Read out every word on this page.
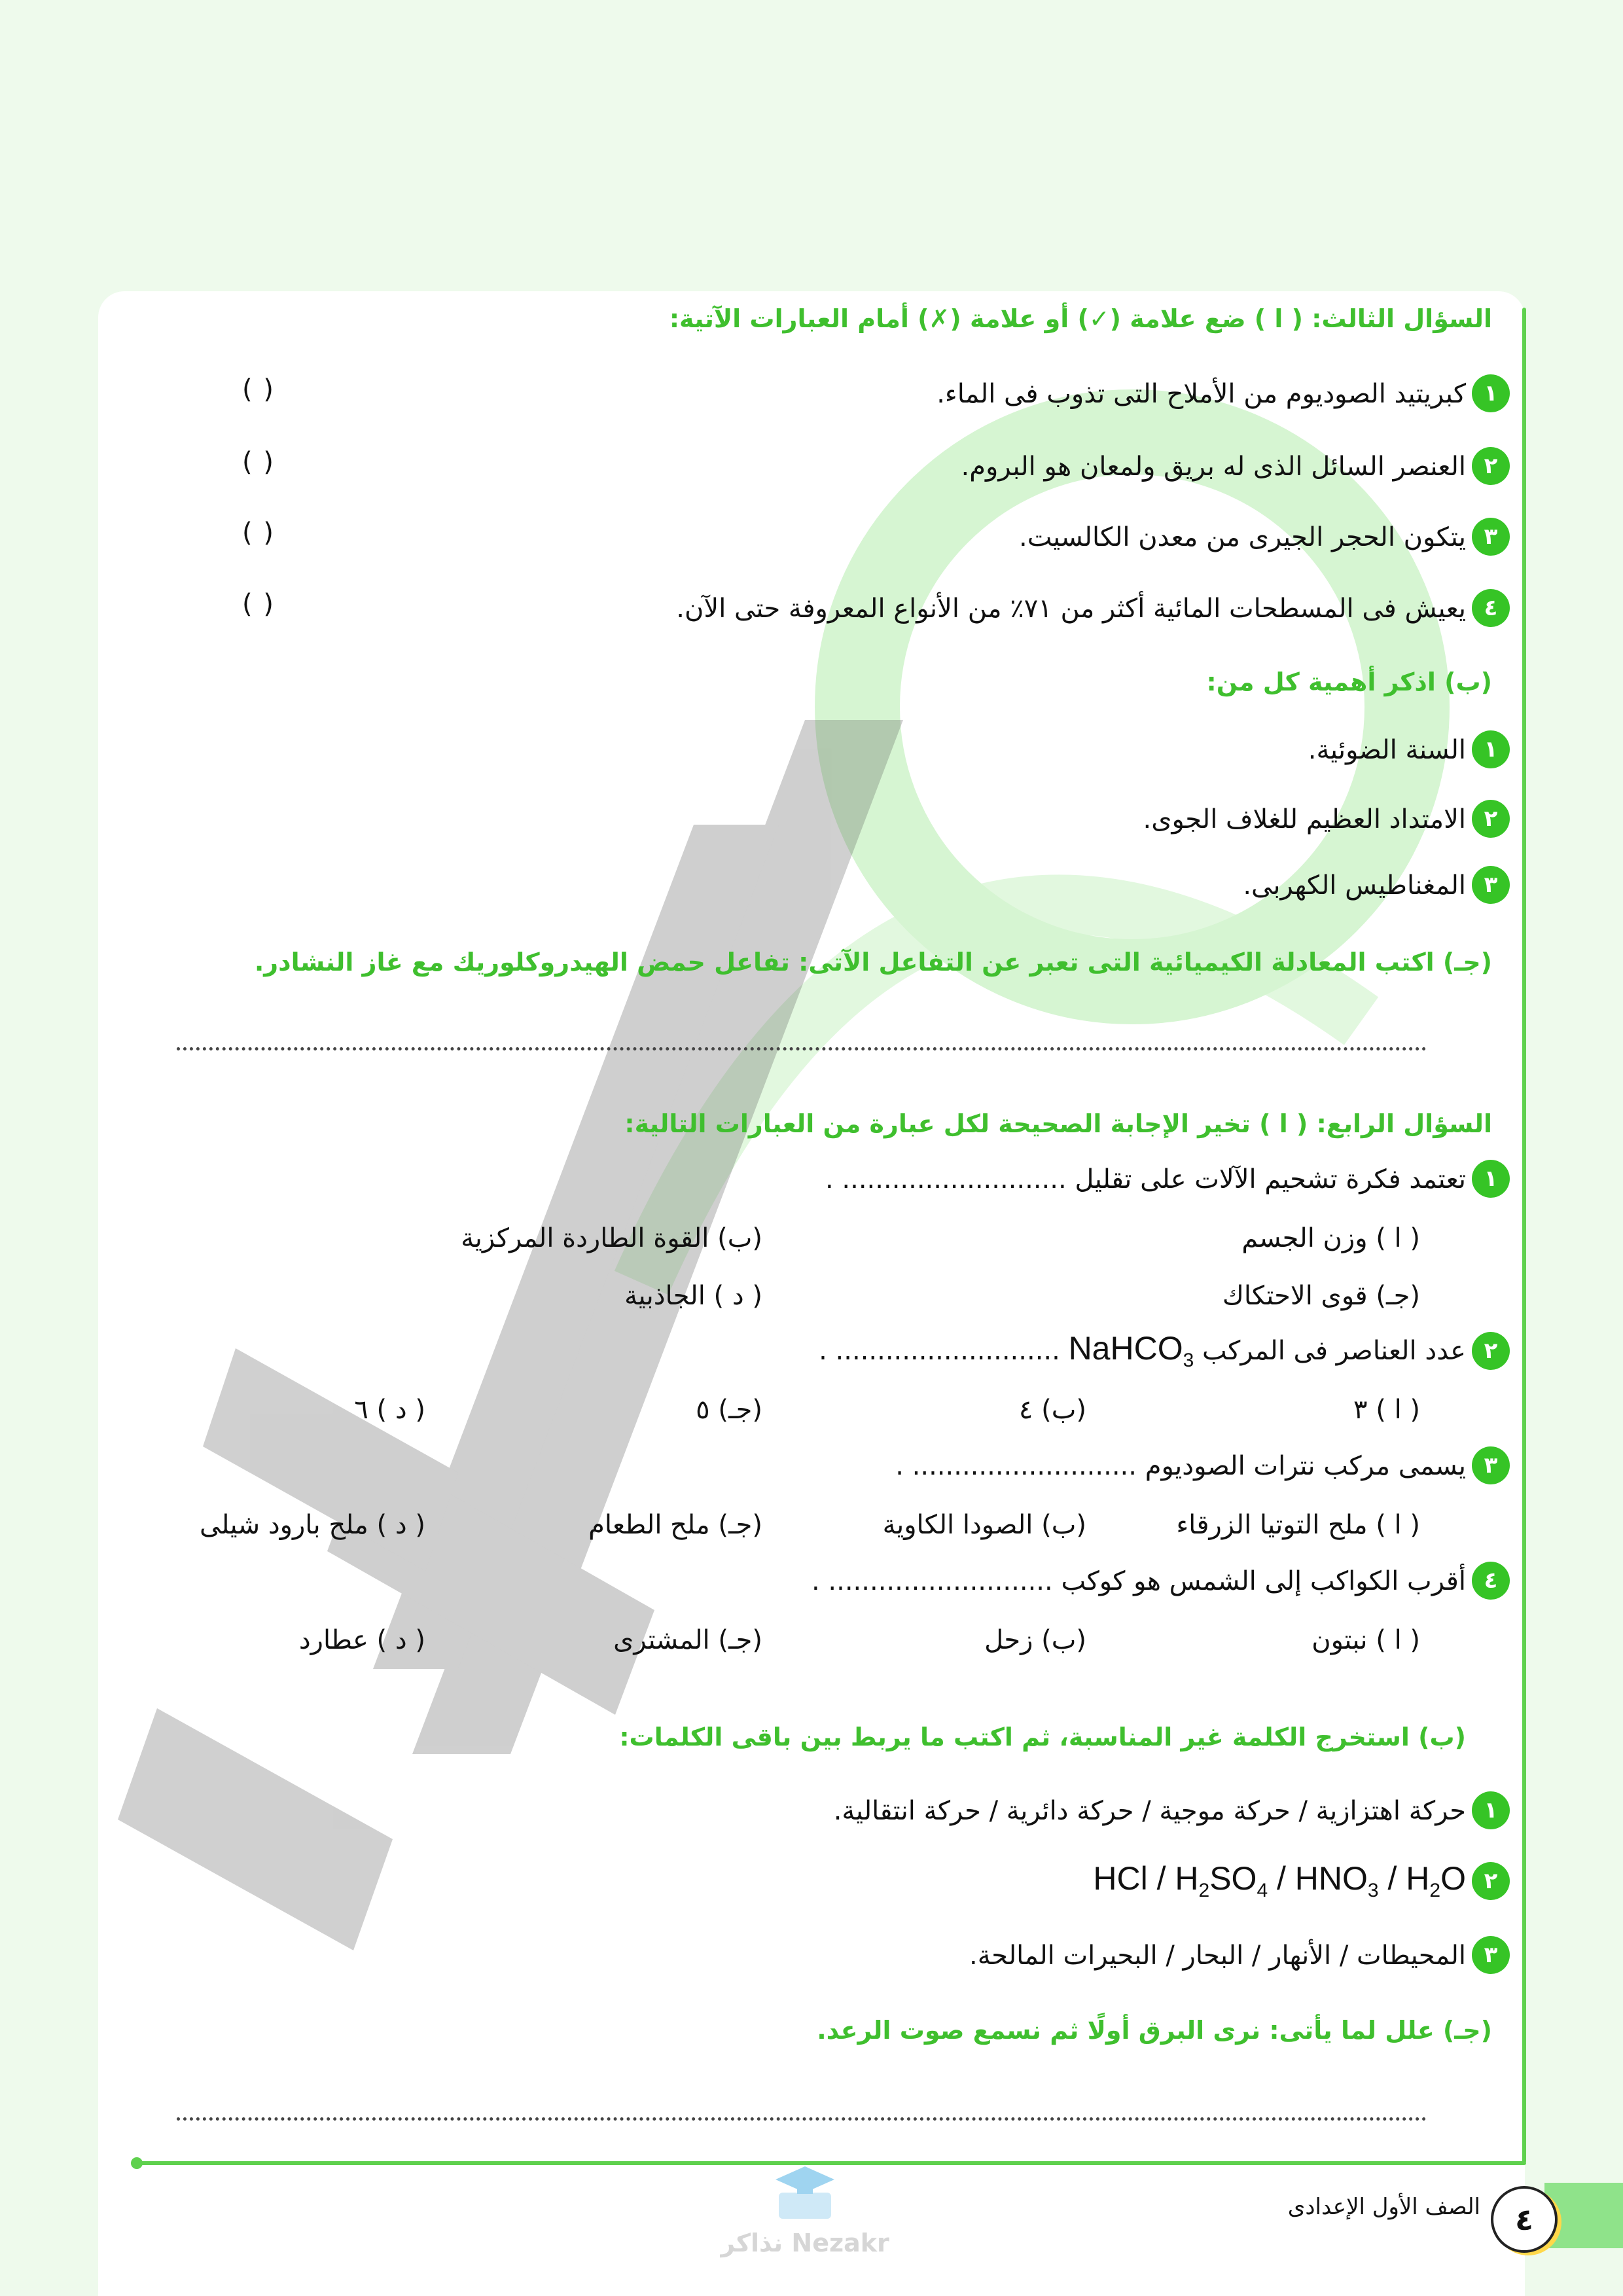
السؤال الثالث: ( ا ) ضع علامة (✓) أو علامة (✗) أمام العبارات الآتية:
١
كبريتيد الصوديوم من الأملاح التى تذوب فى الماء.
( )
٢
العنصر السائل الذى له بريق ولمعان هو البروم.
( )
٣
يتكون الحجر الجيرى من معدن الكالسيت.
( )
٤
يعيش فى المسطحات المائية أكثر من ٧١٪ من الأنواع المعروفة حتى الآن.
( )
(ب) اذكر أهمية كل من:
١
السنة الضوئية.
٢
الامتداد العظيم للغلاف الجوى.
٣
المغناطيس الكهربى.
(جـ) اكتب المعادلة الكيميائية التى تعبر عن التفاعل الآتى: تفاعل حمض الهيدروكلوريك مع غاز النشادر.
السؤال الرابع: ( ا ) تخير الإجابة الصحيحة لكل عبارة من العبارات التالية:
١
تعتمد فكرة تشحيم الآلات على تقليل ........................... .
( ا ) وزن الجسم
(ب) القوة الطاردة المركزية
(جـ) قوى الاحتكاك
( د ) الجاذبية
٢
عدد العناصر فى المركب NaHCO$_3$ ........................... .
( ا ) ٣
(ب) ٤
(جـ) ٥
( د ) ٦
٣
يسمى مركب نترات الصوديوم ........................... .
( ا ) ملح التوتيا الزرقاء
(ب) الصودا الكاوية
(جـ) ملح الطعام
( د ) ملح بارود شيلى
٤
أقرب الكواكب إلى الشمس هو كوكب ........................... .
( ا ) نبتون
(ب) زحل
(جـ) المشترى
( د ) عطارد
(ب) استخرج الكلمة غير المناسبة، ثم اكتب ما يربط بين باقى الكلمات:
١
حركة اهتزازية / حركة موجية / حركة دائرية / حركة انتقالية.
٢
HCl / $H_2SO_4 / HNO_3 / H_2O$
٣
المحيطات / الأنهار / البحار / البحيرات المالحة.
(جـ) علل لما يأتى: نرى البرق أولًا ثم نسمع صوت الرعد.
٤
الصف الأول الإعدادى
Nezakr نذاكر
